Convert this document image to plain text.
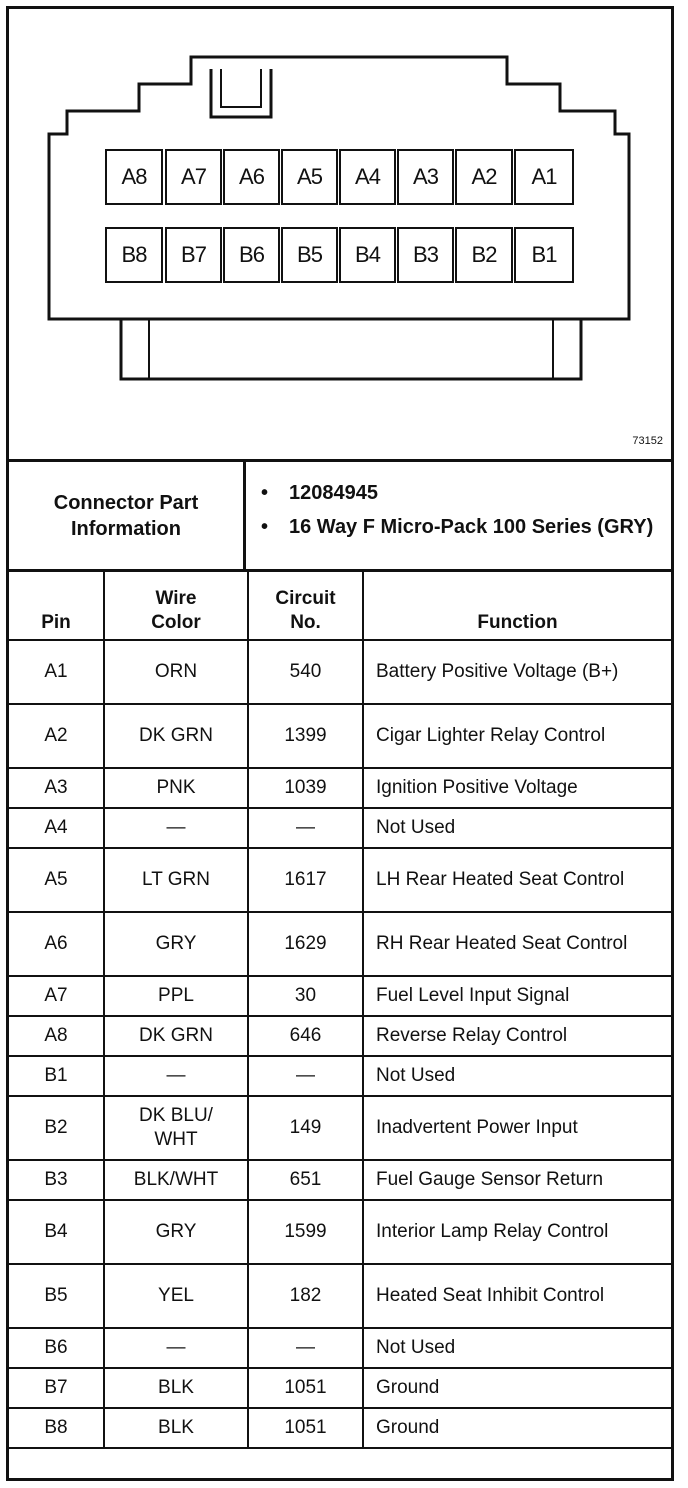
73152
A8	A7	A6	A5	A4	A3	A2	A1
B8	B7	B6	B5	B4	B3	B2	B1
Connector Part Information
•	12084945
•	16 Way F Micro-Pack 100 Series (GRY)
Pin	Wire Color	Circuit No.	Function
A1	ORN	540	Battery Positive Voltage (B+)
A2	DK GRN	1399	Cigar Lighter Relay Control
A3	PNK	1039	Ignition Positive Voltage
A4	—	—	Not Used
A5	LT GRN	1617	LH Rear Heated Seat Control
A6	GRY	1629	RH Rear Heated Seat Control
A7	PPL	30	Fuel Level Input Signal
A8	DK GRN	646	Reverse Relay Control
B1	—	—	Not Used
B2	DK BLU/ WHT	149	Inadvertent Power Input
B3	BLK/WHT	651	Fuel Gauge Sensor Return
B4	GRY	1599	Interior Lamp Relay Control
B5	YEL	182	Heated Seat Inhibit Control
B6	—	—	Not Used
B7	BLK	1051	Ground
B8	BLK	1051	Ground
